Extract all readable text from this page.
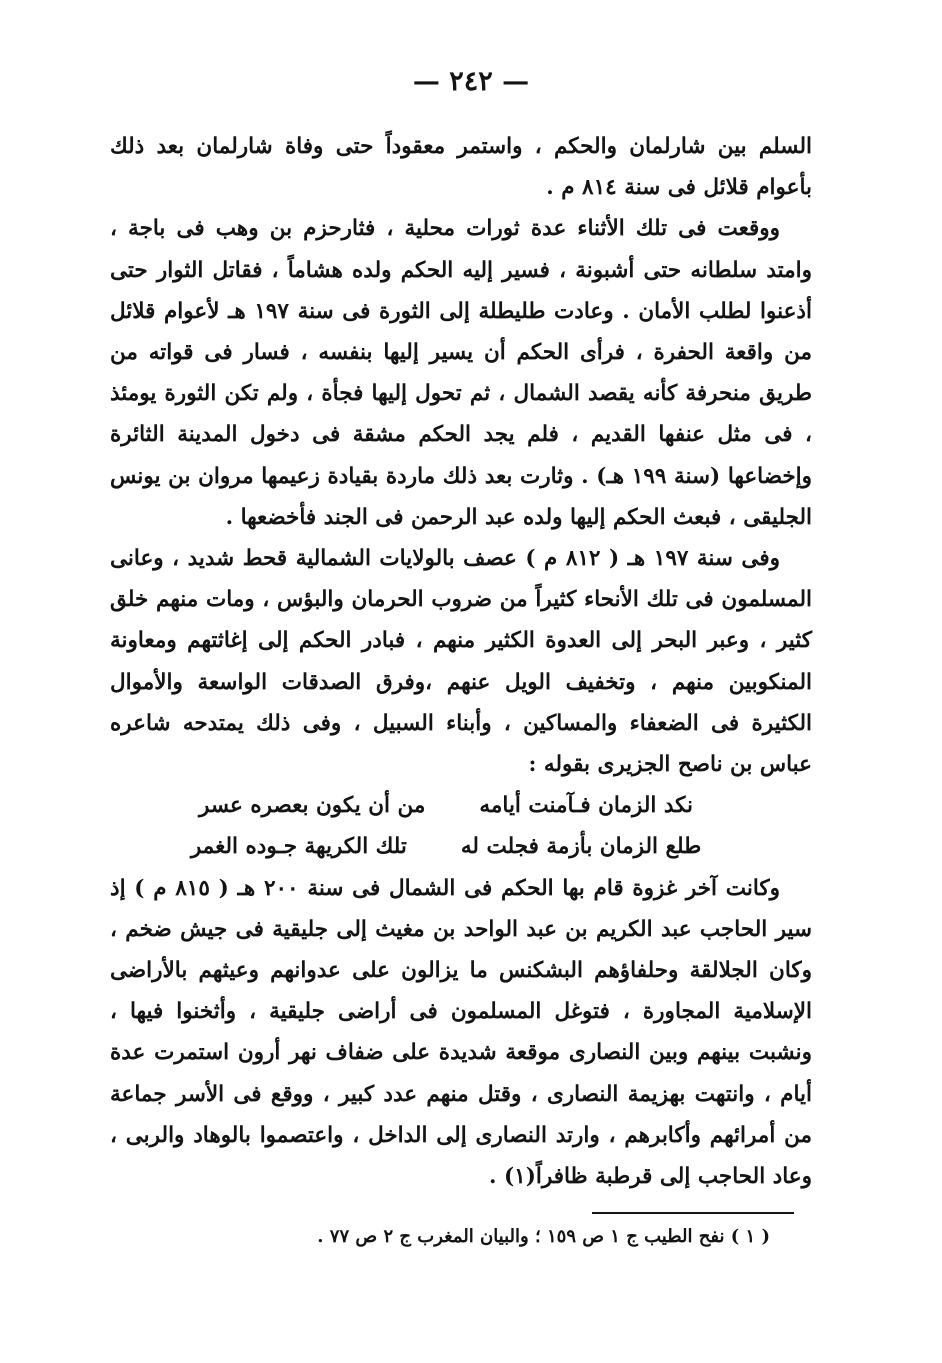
— ٢٤٢ —

السلم بين شارلمان والحكم ، واستمر معقوداً حتى وفاة شارلمان بعد ذلك بأعوام قلائل فى سنة ٨١٤ م .

ووقعت فى تلك الأثناء عدة ثورات محلية ، فثارحزم بن وهب فى باجة ، وامتد سلطانه حتى أشبونة ، فسير إليه الحكم ولده هشاماً ، فقاتل الثوار حتى أذعنوا لطلب الأمان . وعادت طليطلة إلى الثورة فى سنة ١٩٧ هـ لأعوام قلائل من واقعة الحفرة ، فرأى الحكم أن يسير إليها بنفسه ، فسار فى قواته من طريق منحرفة كأنه يقصد الشمال ، ثم تحول إليها فجأة ، ولم تكن الثورة يومئذ ، فى مثل عنفها القديم ، فلم يجد الحكم مشقة فى دخول المدينة الثائرة وإخضاعها (سنة ١٩٩ هـ) . وثارت بعد ذلك ماردة بقيادة زعيمها مروان بن يونس الجليقى ، فبعث الحكم إليها ولده عبد الرحمن فى الجند فأخضعها .

وفى سنة ١٩٧ هـ ( ٨١٢ م ) عصف بالولايات الشمالية قحط شديد ، وعانى المسلمون فى تلك الأنحاء كثيراً من ضروب الحرمان والبؤس ، ومات منهم خلق كثير ، وعبر البحر إلى العدوة الكثير منهم ، فبادر الحكم إلى إغاثتهم ومعاونة المنكوبين منهم ، وتخفيف الويل عنهم ،وفرق الصدقات الواسعة والأموال الكثيرة فى الضعفاء والمساكين ، وأبناء السبيل ، وفى ذلك يمتدحه شاعره عباس بن ناصح الجزيرى بقوله :

نكد الزمان فـآمنت أيامه
من أن يكون بعصره عسر
طلع الزمان بأزمة فجلت له
تلك الكريهة جـوده الغمر

وكانت آخر غزوة قام بها الحكم فى الشمال فى سنة ٢٠٠ هـ ( ٨١٥ م ) إذ سير الحاجب عبد الكريم بن عبد الواحد بن مغيث إلى جليقية فى جيش ضخم ، وكان الجلالقة وحلفاؤهم البشكنس ما يزالون على عدوانهم وعيثهم بالأراضى الإسلامية المجاورة ، فتوغل المسلمون فى أراضى جليقية ، وأثخنوا فيها ، ونشبت بينهم وبين النصارى موقعة شديدة على ضفاف نهر أرون استمرت عدة أيام ، وانتهت بهزيمة النصارى ، وقتل منهم عدد كبير ، ووقع فى الأسر جماعة من أمرائهم وأكابرهم ، وارتد النصارى إلى الداخل ، واعتصموا بالوهاد والربى ، وعاد الحاجب إلى قرطبة ظافراً(١) .

( ١ ) نفح الطيب ج ١ ص ١٥٩ ؛ والبيان المغرب ج ٢ ص ٧٧ .
